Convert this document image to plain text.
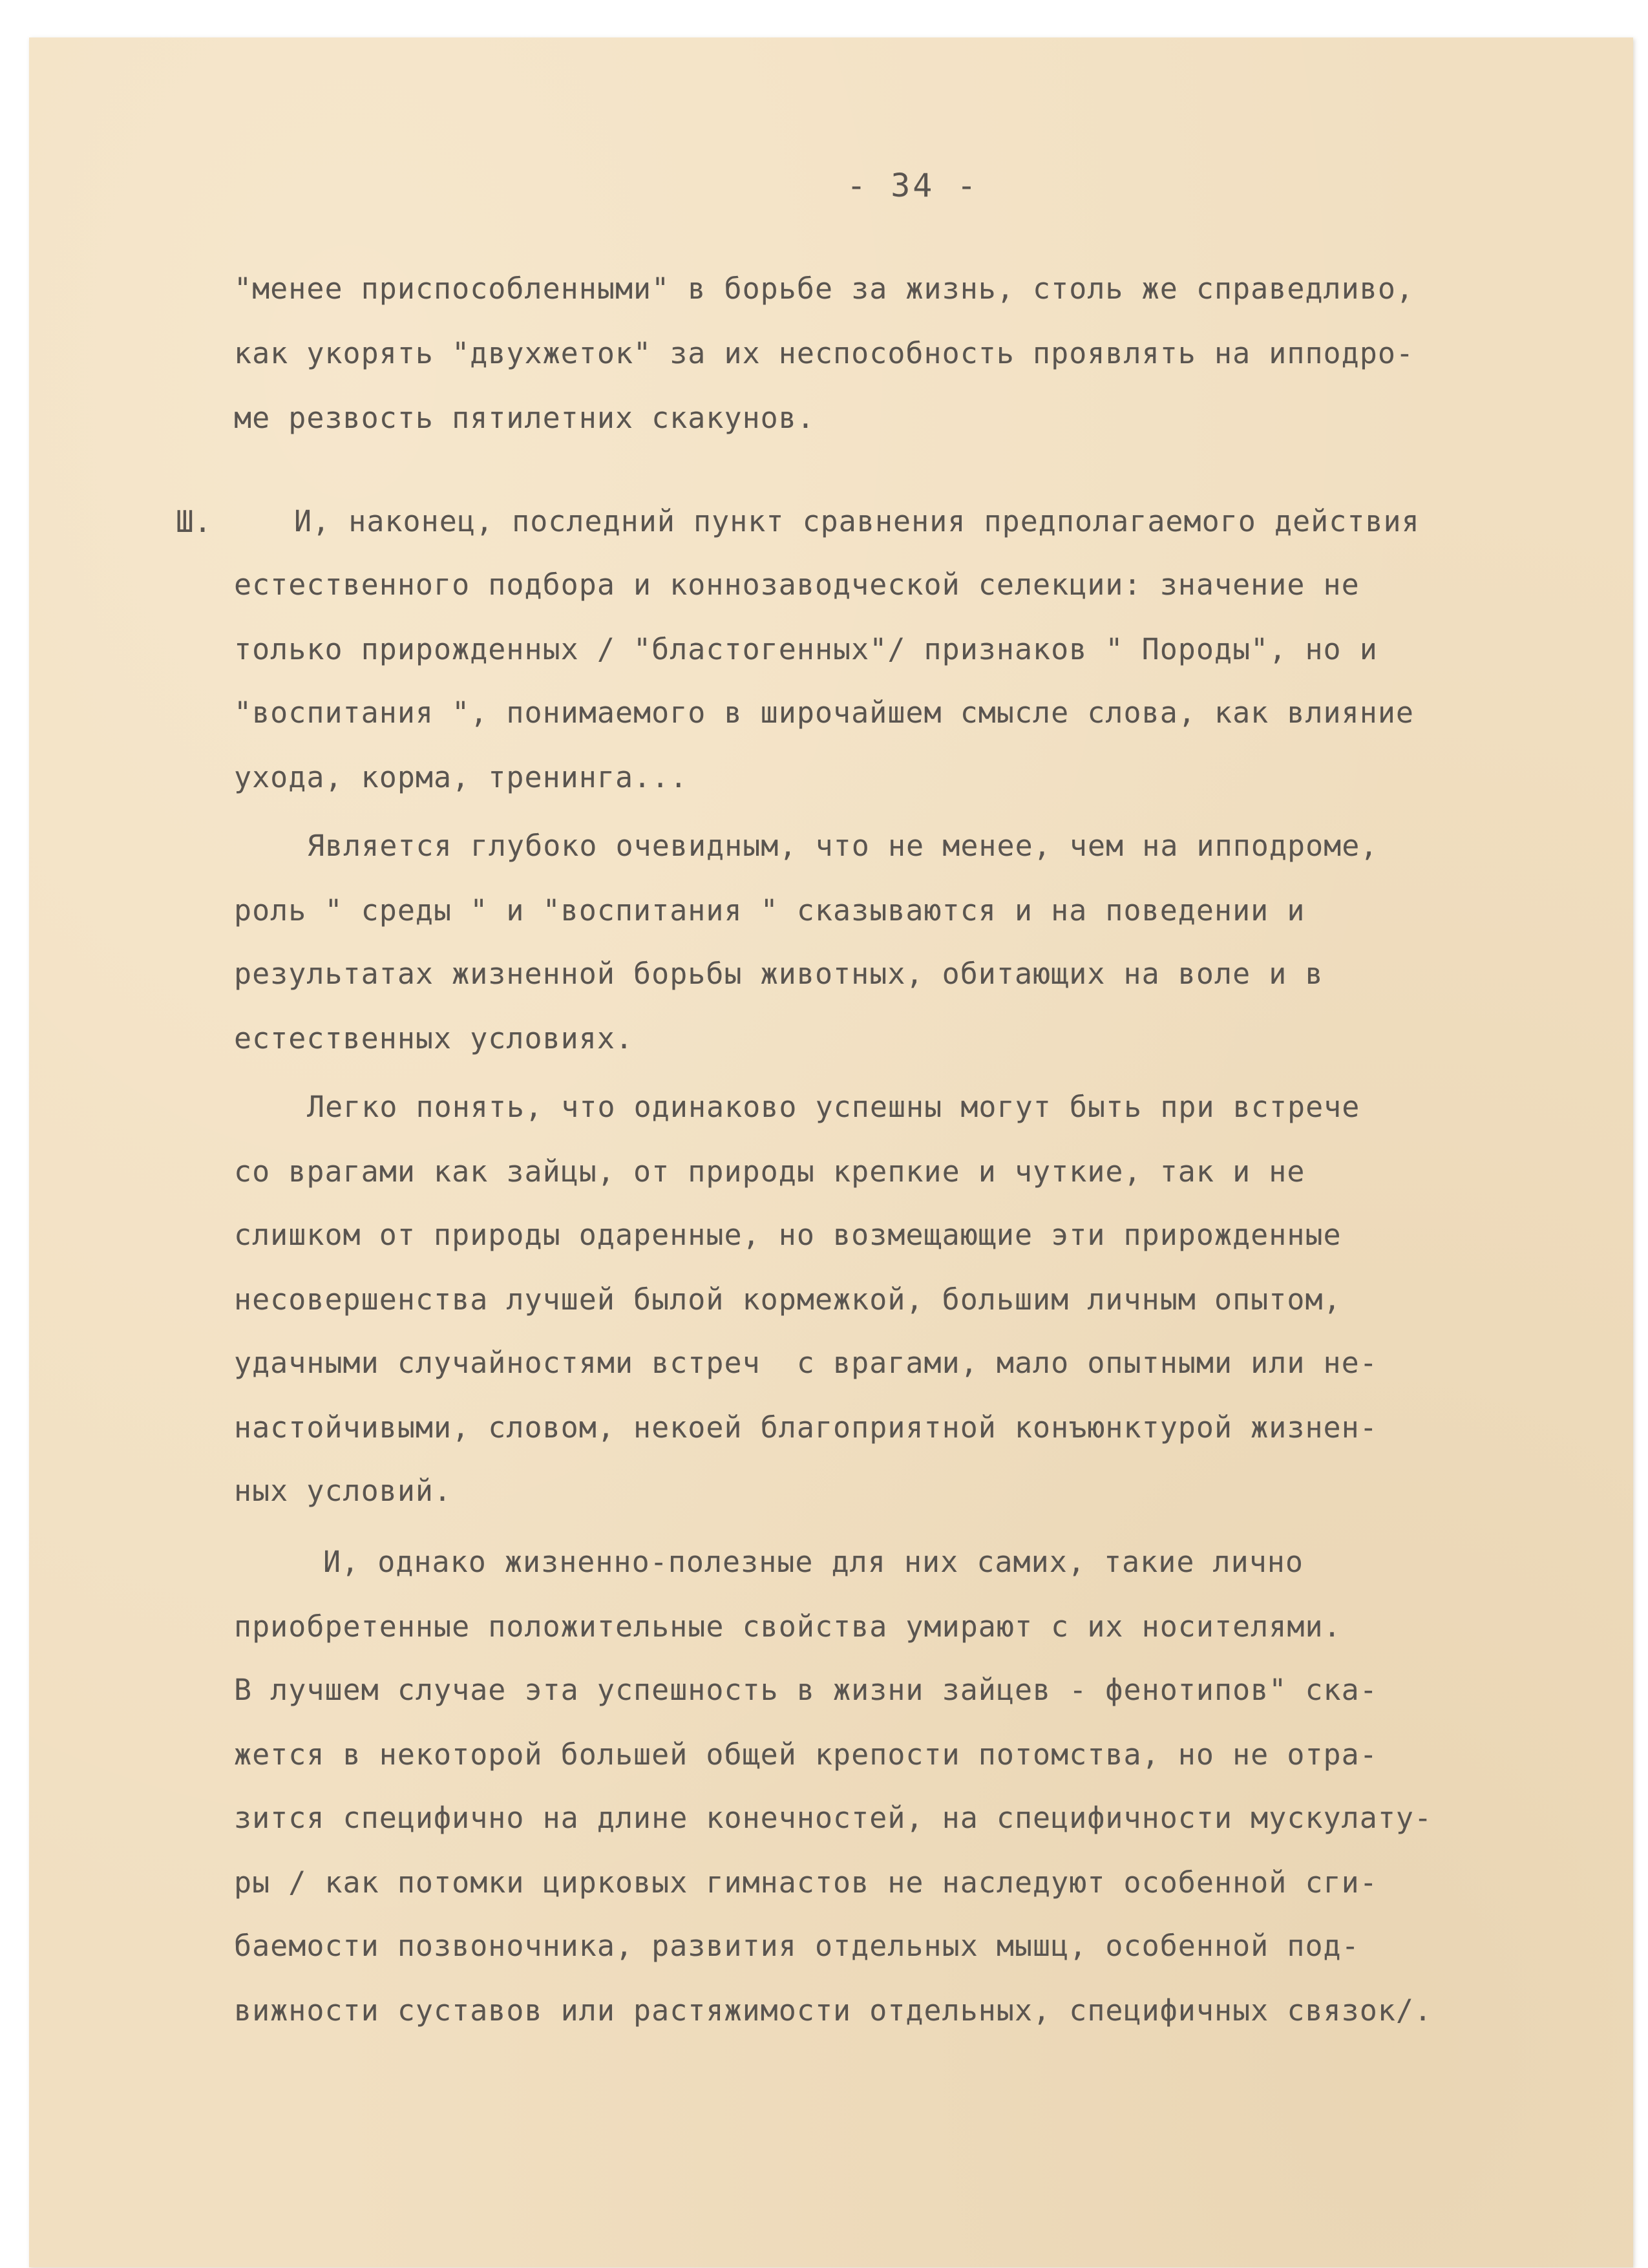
- 34 -
Ш.
"менее приспособленными" в борьбе за жизнь, столь же справедливо,
как укорять "двухжеток" за их неспособность проявлять на ипподро-
ме резвость пятилетних скакунов.
И, наконец, последний пункт сравнения предполагаемого действия
естественного подбора и коннозаводческой селекции: значение не
только прирожденных / "бластогенных"/ признаков " Породы", но и
"воспитания ", понимаемого в широчайшем смысле слова, как влияние
ухода, корма, тренинга...
Является глубоко очевидным, что не менее, чем на ипподроме,
роль " среды " и "воспитания " сказываются и на поведении и
результатах жизненной борьбы животных, обитающих на воле и в
естественных условиях.
Легко понять, что одинаково успешны могут быть при встрече
со врагами как зайцы, от природы крепкие и чуткие, так и не
слишком от природы одаренные, но возмещающие эти прирожденные
несовершенства лучшей былой кормежкой, большим личным опытом,
удачными случайностями встреч  с врагами, мало опытными или не-
настойчивыми, словом, некоей благоприятной конъюнктурой жизнен-
ных условий.
И, однако жизненно-полезные для них самих, такие лично
приобретенные положительные свойства умирают с их носителями.
В лучшем случае эта успешность в жизни зайцев - фенотипов" ска-
жется в некоторой большей общей крепости потомства, но не отра-
зится специфично на длине конечностей, на специфичности мускулату-
ры / как потомки цирковых гимнастов не наследуют особенной сги-
баемости позвоночника, развития отдельных мышц, особенной под-
вижности суставов или растяжимости отдельных, специфичных связок/.
